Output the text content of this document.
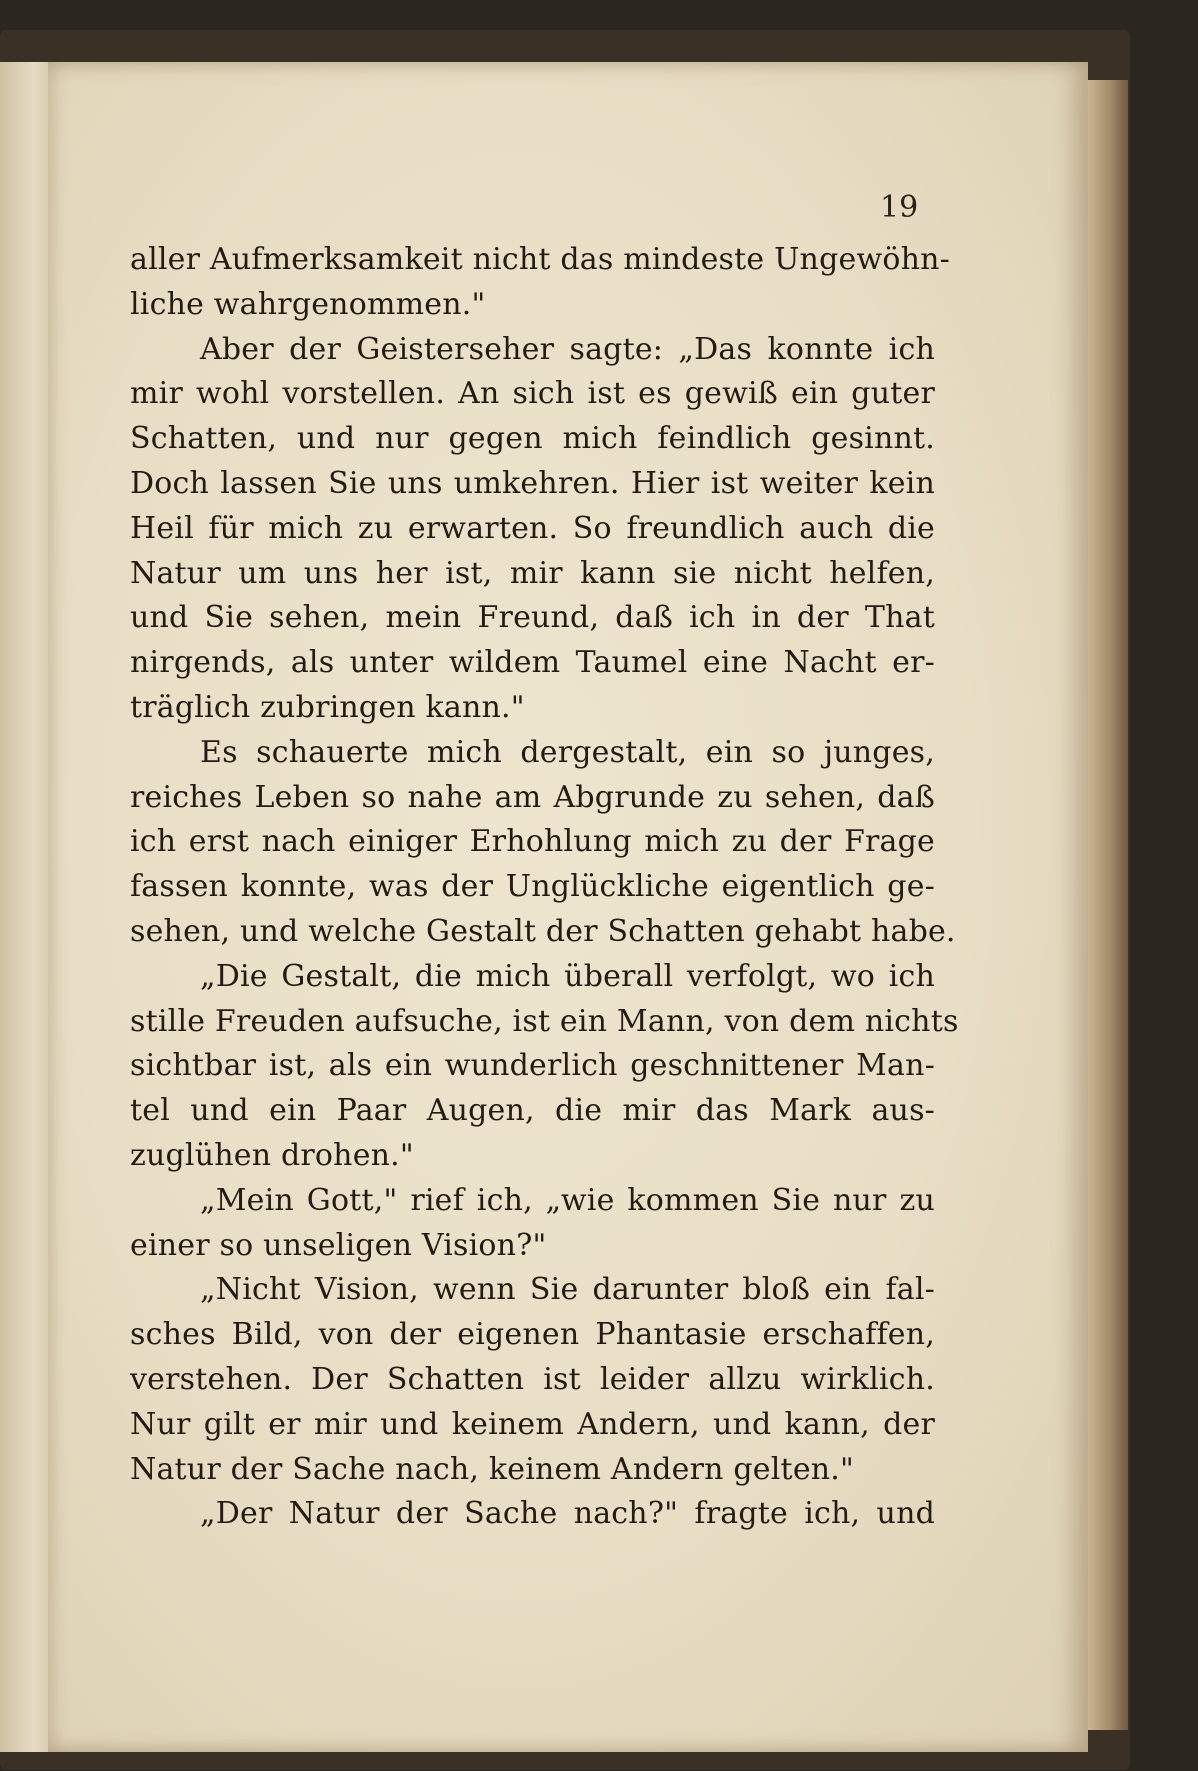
19
aller Aufmerksamkeit nicht das mindeste Ungewöhn-
liche wahrgenommen."
Aber der Geisterseher sagte: „Das konnte ich
mir wohl vorstellen. An sich ist es gewiß ein guter
Schatten, und nur gegen mich feindlich gesinnt.
Doch lassen Sie uns umkehren. Hier ist weiter kein
Heil für mich zu erwarten. So freundlich auch die
Natur um uns her ist, mir kann sie nicht helfen,
und Sie sehen, mein Freund, daß ich in der That
nirgends, als unter wildem Taumel eine Nacht er-
träglich zubringen kann."
Es schauerte mich dergestalt, ein so junges,
reiches Leben so nahe am Abgrunde zu sehen, daß
ich erst nach einiger Erhohlung mich zu der Frage
fassen konnte, was der Unglückliche eigentlich ge-
sehen, und welche Gestalt der Schatten gehabt habe.
„Die Gestalt, die mich überall verfolgt, wo ich
stille Freuden aufsuche, ist ein Mann, von dem nichts
sichtbar ist, als ein wunderlich geschnittener Man-
tel und ein Paar Augen, die mir das Mark aus-
zuglühen drohen."
„Mein Gott," rief ich, „wie kommen Sie nur zu
einer so unseligen Vision?"
„Nicht Vision, wenn Sie darunter bloß ein fal-
sches Bild, von der eigenen Phantasie erschaffen,
verstehen. Der Schatten ist leider allzu wirklich.
Nur gilt er mir und keinem Andern, und kann, der
Natur der Sache nach, keinem Andern gelten."
„Der Natur der Sache nach?" fragte ich, und
